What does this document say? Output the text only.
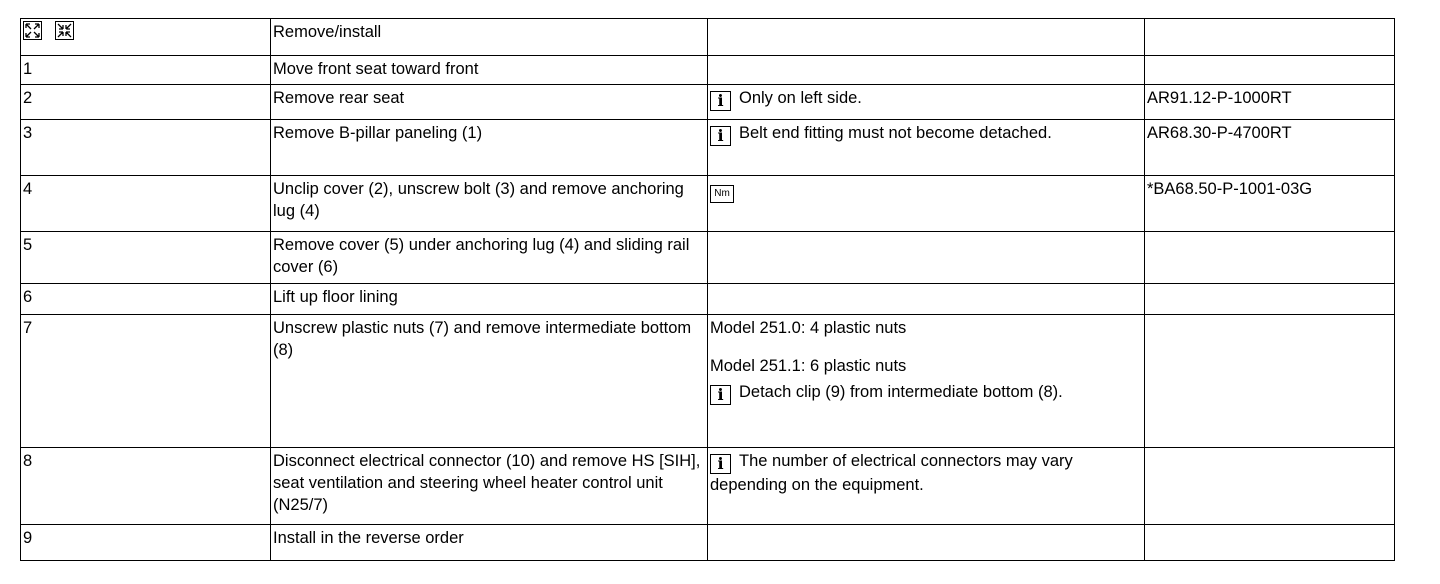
	Remove/install		
1	Move front seat toward front		
2	Remove rear seat	i Only on left side.	AR91.12-P-1000RT
3	Remove B-pillar paneling (1)	i Belt end fitting must not become detached.	AR68.30-P-4700RT
4	Unclip cover (2), unscrew bolt (3) and remove anchoring lug (4)	Nm	*BA68.50-P-1001-03G
5	Remove cover (5) under anchoring lug (4) and sliding rail cover (6)		
6	Lift up floor lining		
7	Unscrew plastic nuts (7) and remove intermediate bottom (8)	Model 251.0: 4 plastic nuts

Model 251.1: 6 plastic nuts

i Detach clip (9) from intermediate bottom (8).	

8	Disconnect electrical connector (10) and remove HS [SIH], seat ventilation and steering wheel heater control unit (N25/7)	i The number of electrical connectors may vary depending on the equipment.	

9	Install in the reverse order		
